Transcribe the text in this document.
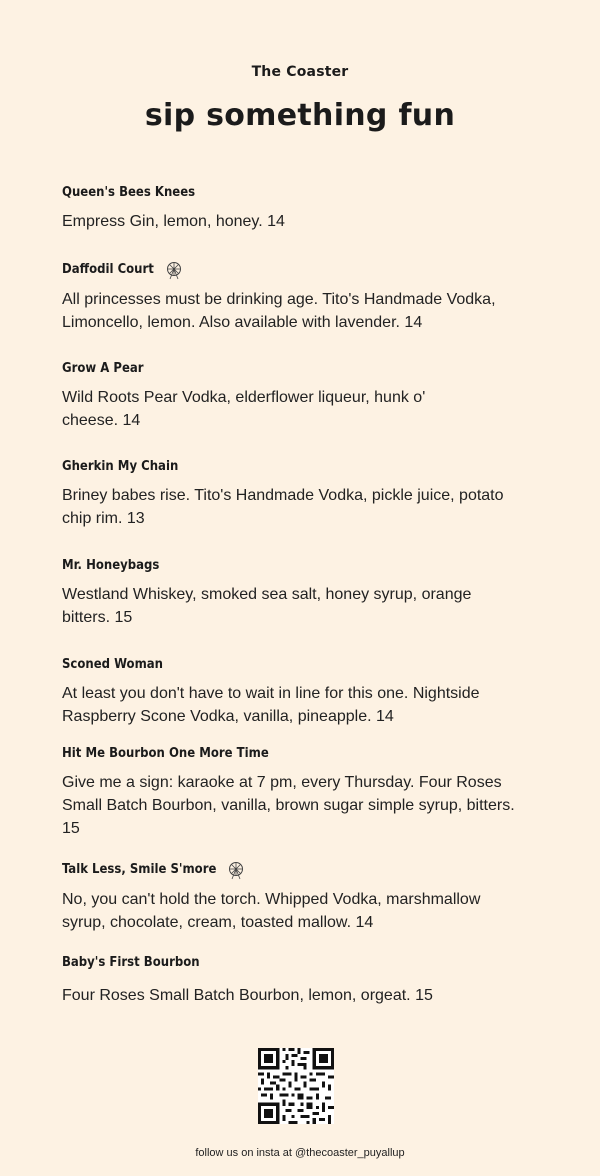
The Coaster
sip something fun
Queen's Bees Knees
Empress Gin, lemon, honey. 14
Daffodil Court
All princesses must be drinking age. Tito's Handmade Vodka, Limoncello, lemon. Also available with lavender. 14
Grow A Pear
Wild Roots Pear Vodka, elderflower liqueur, hunk o' cheese. 14
Gherkin My Chain
Briney babes rise. Tito's Handmade Vodka, pickle juice, potato chip rim. 13
Mr. Honeybags
Westland Whiskey, smoked sea salt, honey syrup, orange bitters. 15
Sconed Woman
At least you don't have to wait in line for this one. Nightside Raspberry Scone Vodka, vanilla, pineapple. 14
Hit Me Bourbon One More Time
Give me a sign: karaoke at 7 pm, every Thursday. Four Roses Small Batch Bourbon, vanilla, brown sugar simple syrup, bitters. 15
Talk Less, Smile S'more
No, you can't hold the torch. Whipped Vodka, marshmallow syrup, chocolate, cream, toasted mallow. 14
Baby's First Bourbon
Four Roses Small Batch Bourbon, lemon, orgeat. 15
follow us on insta at @thecoaster_puyallup
